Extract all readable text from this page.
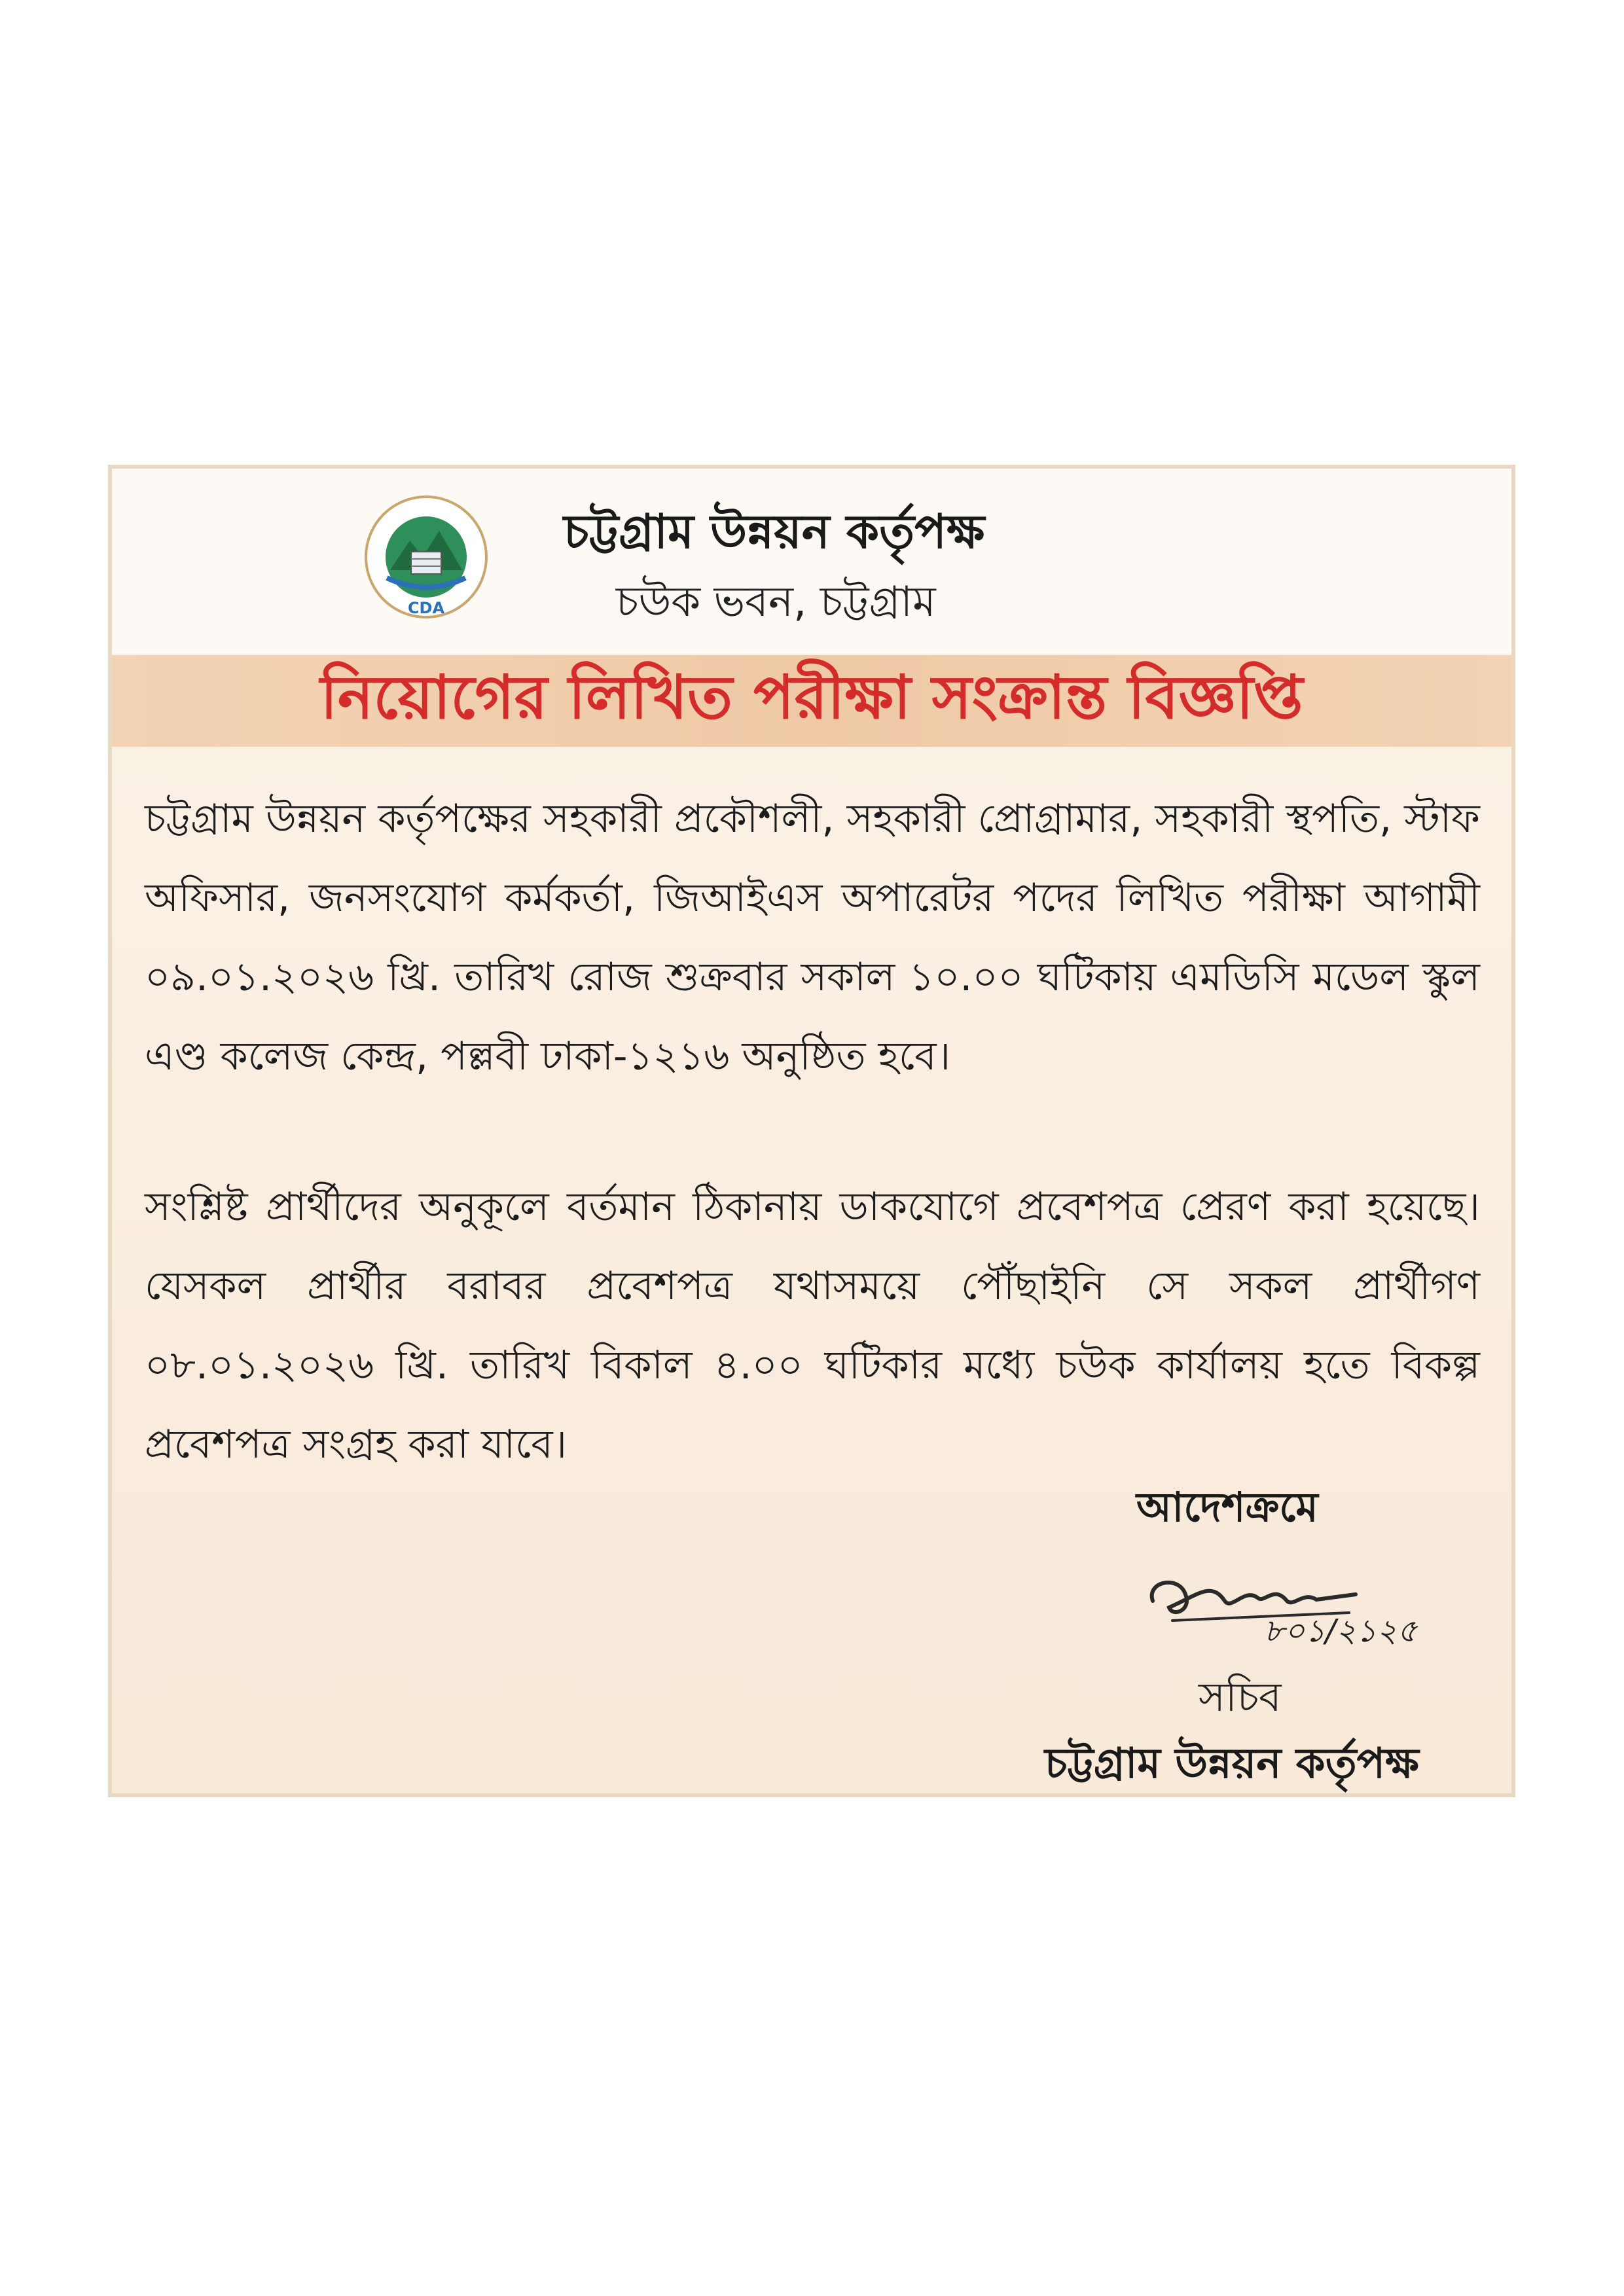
CDA
চট্টগ্রাম উন্নয়ন কর্তৃপক্ষ
চউক ভবন, চট্টগ্রাম
নিয়োগের লিখিত পরীক্ষা সংক্রান্ত বিজ্ঞপ্তি
চট্টগ্রাম উন্নয়ন কর্তৃপক্ষের সহকারী প্রকৌশলী, সহকারী প্রোগ্রামার, সহকারী স্থপতি, স্টাফ অফিসার, জনসংযোগ কর্মকর্তা, জিআইএস অপারেটর পদের লিখিত পরীক্ষা আগামী ০৯.০১.২০২৬ খ্রি. তারিখ রোজ শুক্রবার সকাল ১০.০০ ঘটিকায় এমডিসি মডেল স্কুল এণ্ড কলেজ কেন্দ্র, পল্লবী ঢাকা-১২১৬ অনুষ্ঠিত হবে।
সংশ্লিষ্ট প্রার্থীদের অনুকূলে বর্তমান ঠিকানায় ডাকযোগে প্রবেশপত্র প্রেরণ করা হয়েছে। যেসকল প্রার্থীর বরাবর প্রবেশপত্র যথাসময়ে পৌঁছাইনি সে সকল প্রার্থীগণ ০৮.০১.২০২৬ খ্রি. তারিখ বিকাল ৪.০০ ঘটিকার মধ্যে চউক কার্যালয় হতে বিকল্প প্রবেশপত্র সংগ্রহ করা যাবে।
আদেশক্রমে
৮০১/২১২৫
সচিব
চট্টগ্রাম উন্নয়ন কর্তৃপক্ষ
